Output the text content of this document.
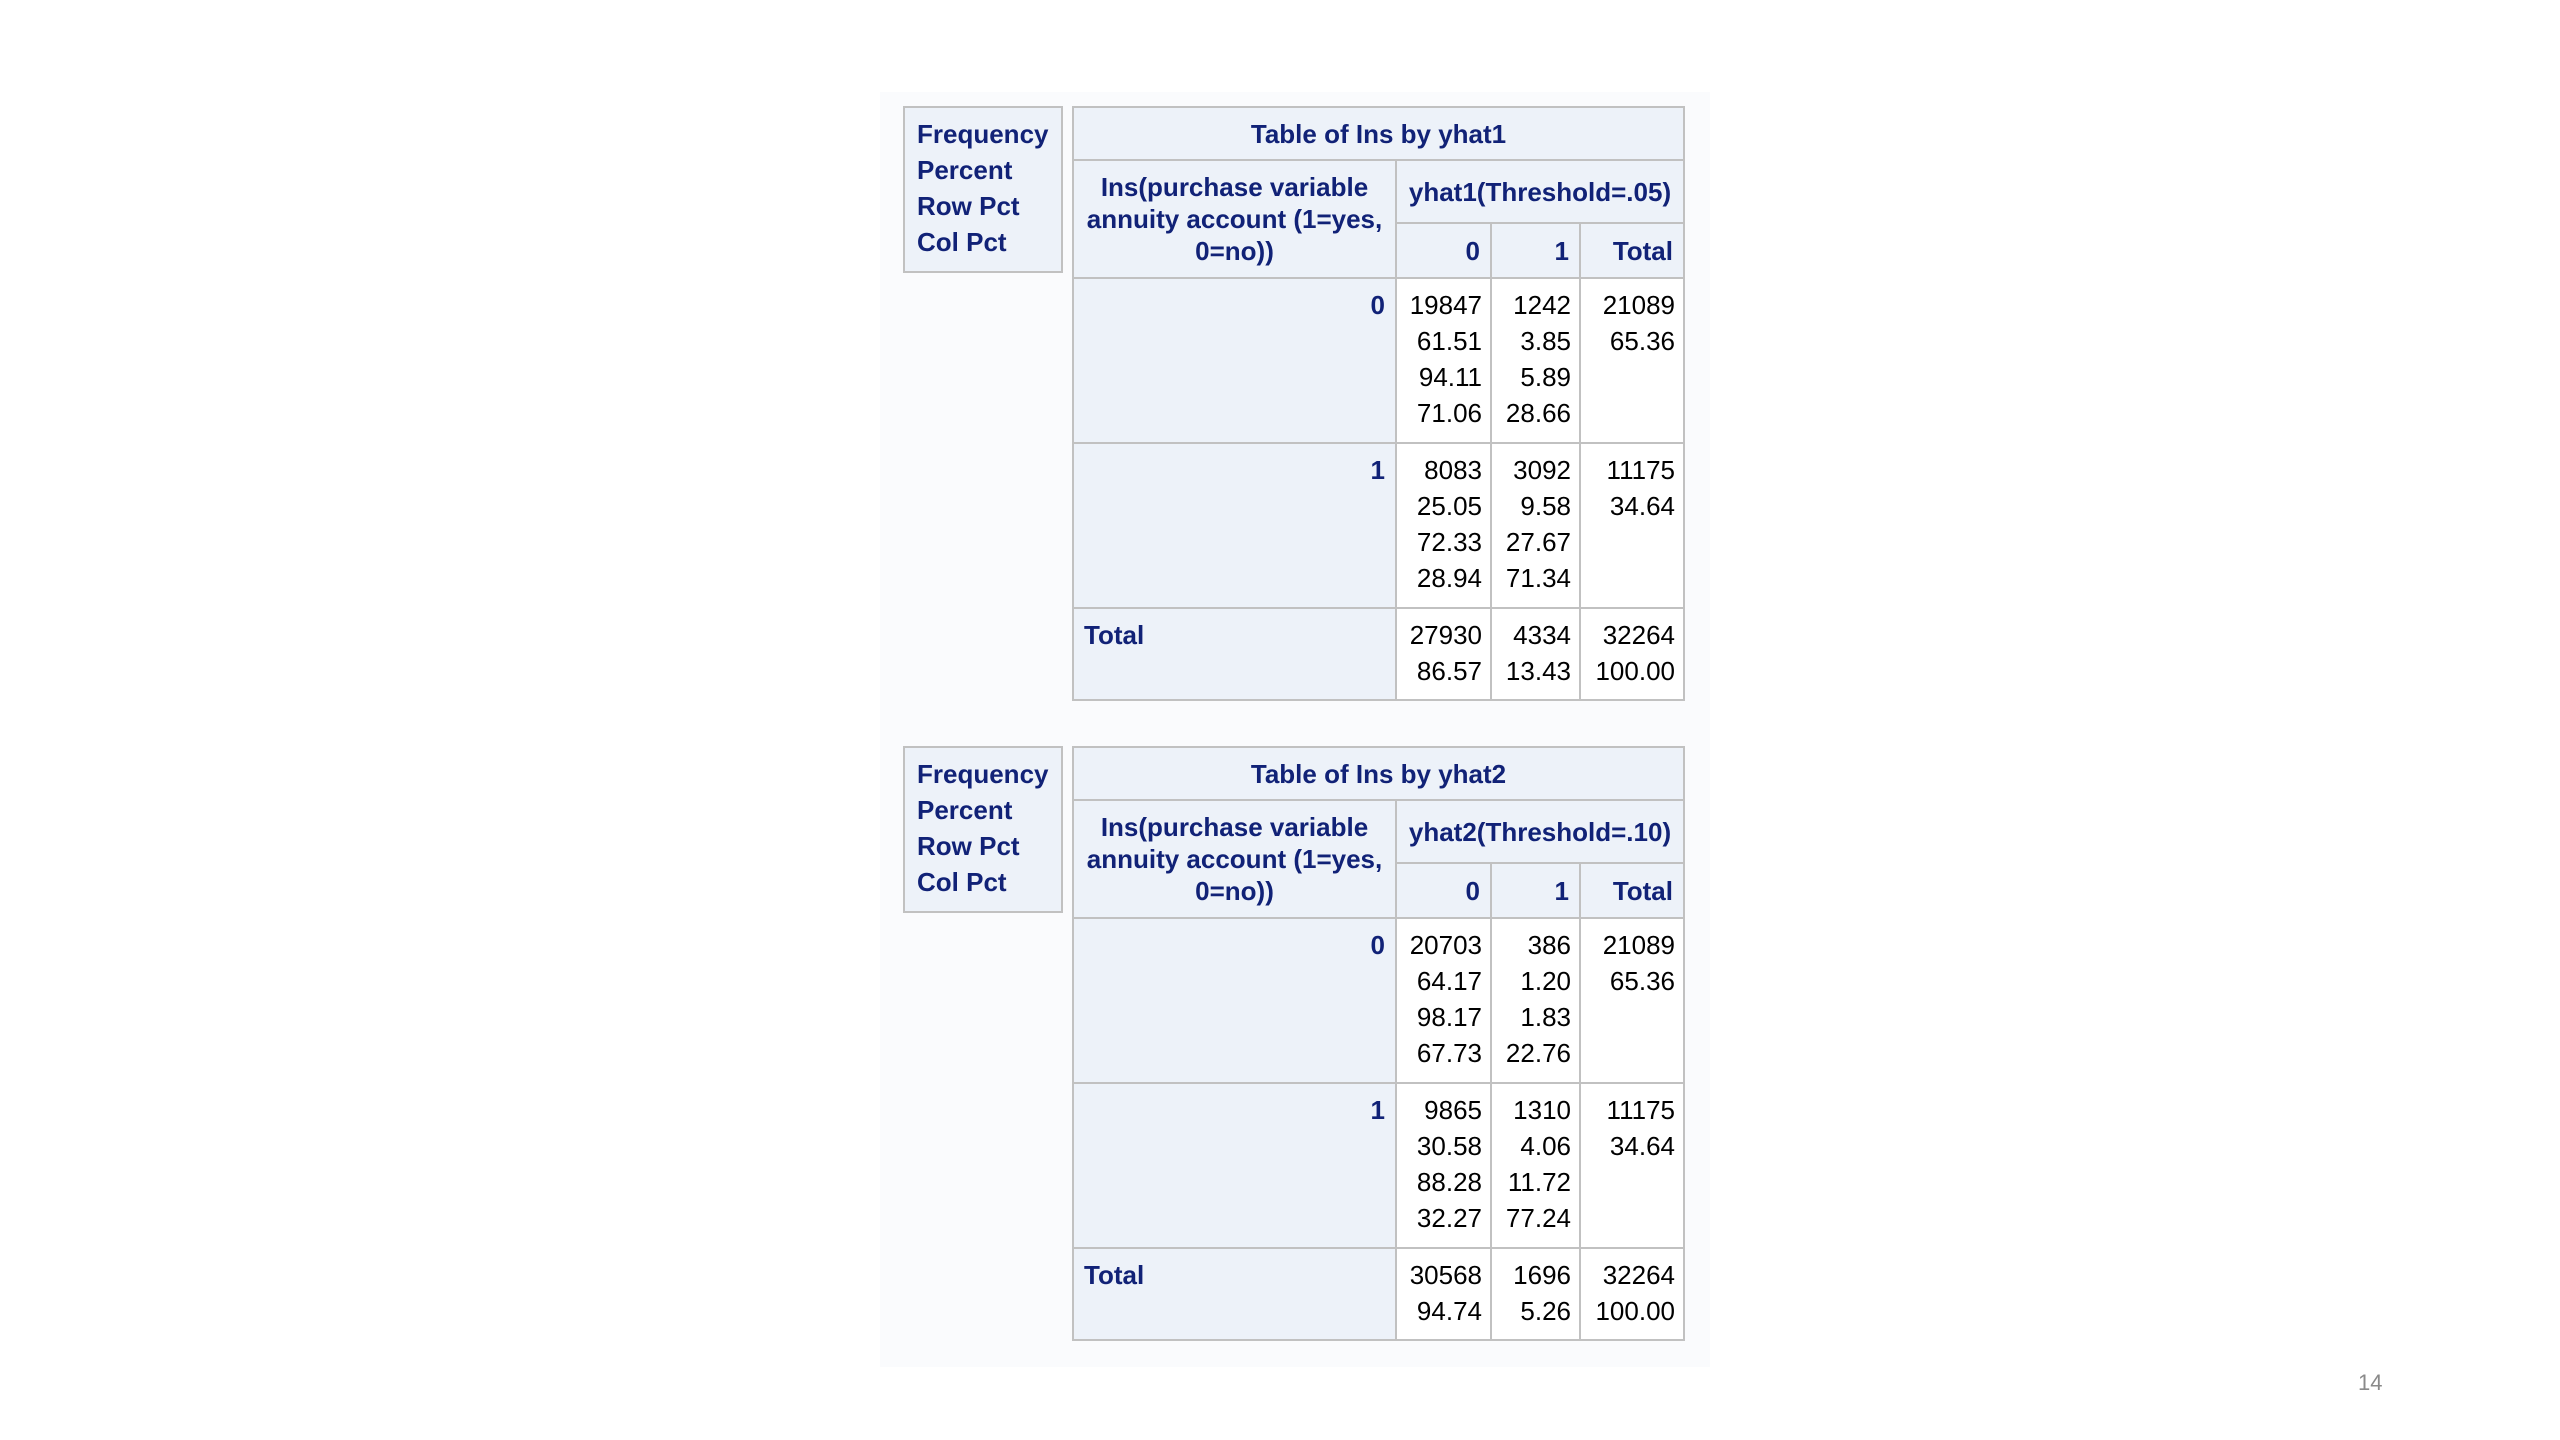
Frequency
Percent
Row Pct
Col Pct
Table of Ins by yhat1			
Ins(purchase variable annuity account (1=yes, 0=no))	yhat1(Threshold=.05)		
	0	1	Total
0	19847
61.51
94.11
71.06	1242
3.85
5.89
28.66	21089
65.36

1	8083
25.05
72.33
28.94	3092
9.58
27.67
71.34	11175
34.64

Total	27930
86.57	4334
13.43	32264
100.00
Frequency
Percent
Row Pct
Col Pct
Table of Ins by yhat2			
Ins(purchase variable annuity account (1=yes, 0=no))	yhat2(Threshold=.10)		
	0	1	Total
0	20703
64.17
98.17
67.73	386
1.20
1.83
22.76	21089
65.36

1	9865
30.58
88.28
32.27	1310
4.06
11.72
77.24	11175
34.64

Total	30568
94.74	1696
5.26	32264
100.00
14
